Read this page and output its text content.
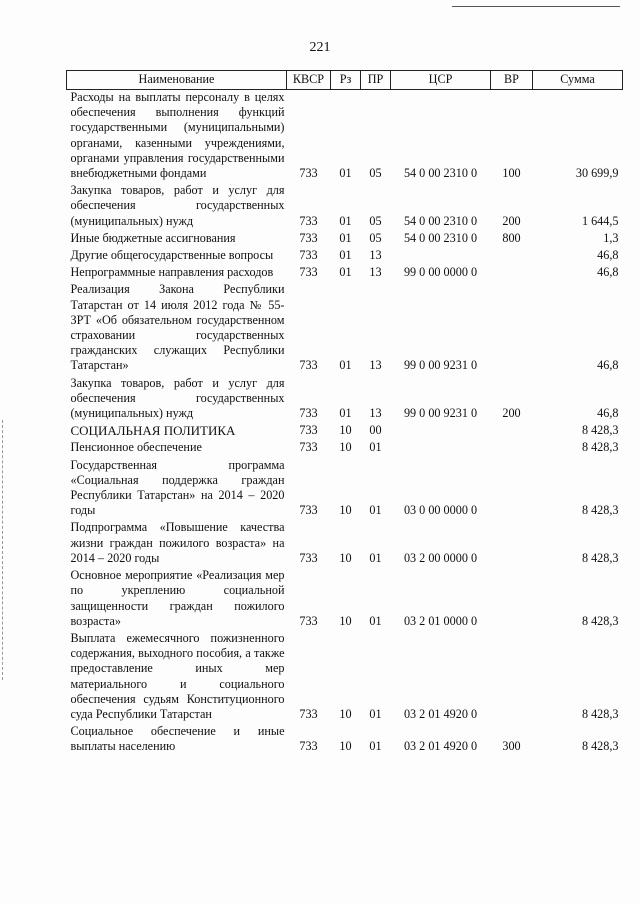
221
Наименование	КВСР	Рз	ПР	ЦСР	ВР	Сумма
Расходы на выплаты персоналу в целях обеспечения выполнения функций государственными (муниципальными) органами, казенными учреждениями, органами управления государственными внебюджетными фондами	733	01	05	54 0 00 2310 0	100	30 699,9
Закупка товаров, работ и услуг для обеспечения государственных (муниципальных) нужд	733	01	05	54 0 00 2310 0	200	1 644,5
Иные бюджетные ассигнования	733	01	05	54 0 00 2310 0	800	1,3
Другие общегосударственные вопросы	733	01	13			46,8
Непрограммные направления расходов	733	01	13	99 0 00 0000 0		46,8
Реализация Закона Республики Татарстан от 14 июля 2012 года № 55-ЗРТ «Об обязательном государственном страховании государственных гражданских служащих Республики Татарстан»	733	01	13	99 0 00 9231 0		46,8
Закупка товаров, работ и услуг для обеспечения государственных (муниципальных) нужд	733	01	13	99 0 00 9231 0	200	46,8
СОЦИАЛЬНАЯ ПОЛИТИКА	733	10	00			8 428,3
Пенсионное обеспечение	733	10	01			8 428,3
Государственная программа «Социальная поддержка граждан Республики Татарстан» на 2014 – 2020 годы	733	10	01	03 0 00 0000 0		8 428,3
Подпрограмма «Повышение качества жизни граждан пожилого возраста» на 2014 – 2020 годы	733	10	01	03 2 00 0000 0		8 428,3
Основное мероприятие «Реализация мер по укреплению социальной защищенности граждан пожилого возраста»	733	10	01	03 2 01 0000 0		8 428,3
Выплата ежемесячного пожизненного содержания, выходного пособия, а также предоставление иных мер материального и социального обеспечения судьям Конституционного суда Республики Татарстан	733	10	01	03 2 01 4920 0		8 428,3
Социальное обеспечение и иные выплаты населению	733	10	01	03 2 01 4920 0	300	8 428,3
